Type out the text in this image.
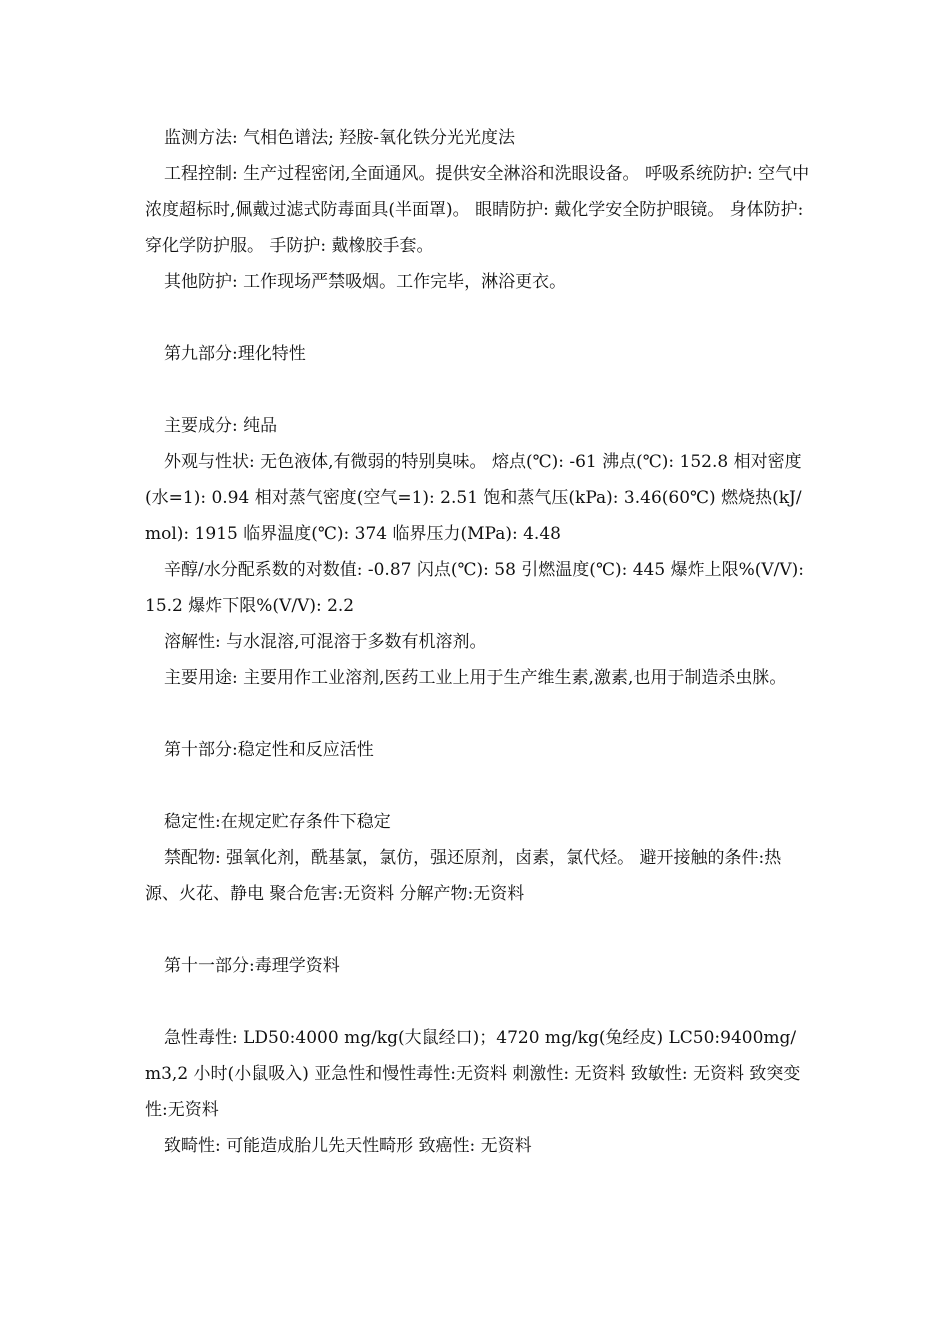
监测方法: 气相色谱法; 羟胺-氧化铁分光光度法

工程控制: 生产过程密闭,全面通风。提供安全淋浴和洗眼设备。 呼吸系统防护: 空气中浓度超标时,佩戴过滤式防毒面具(半面罩)。 眼睛防护: 戴化学安全防护眼镜。 身体防护: 穿化学防护服。 手防护: 戴橡胶手套。

其他防护: 工作现场严禁吸烟。工作完毕，淋浴更衣。

第九部分:理化特性

主要成分: 纯品

外观与性状: 无色液体,有微弱的特别臭味。 熔点(℃): -61 沸点(℃): 152.8 相对密度(水=1): 0.94 相对蒸气密度(空气=1): 2.51 饱和蒸气压(kPa): 3.46(60℃) 燃烧热(kJ/mol): 1915 临界温度(℃): 374 临界压力(MPa): 4.48

辛醇/水分配系数的对数值: -0.87 闪点(℃): 58 引燃温度(℃): 445 爆炸上限%(V/V): 15.2 爆炸下限%(V/V): 2.2

溶解性: 与水混溶,可混溶于多数有机溶剂。

主要用途: 主要用作工业溶剂,医药工业上用于生产维生素,激素,也用于制造杀虫脒。

第十部分:稳定性和反应活性

稳定性:在规定贮存条件下稳定

禁配物: 强氧化剂，酰基氯，氯仿，强还原剂，卤素，氯代烃。 避开接触的条件:热源、火花、静电 聚合危害:无资料 分解产物:无资料

第十一部分:毒理学资料

急性毒性: LD50:4000 mg/kg(大鼠经口)；4720 mg/kg(兔经皮) LC50:9400mg/m3,2 小时(小鼠吸入) 亚急性和慢性毒性:无资料 刺激性: 无资料 致敏性: 无资料 致突变性:无资料

致畸性: 可能造成胎儿先天性畸形 致癌性: 无资料
